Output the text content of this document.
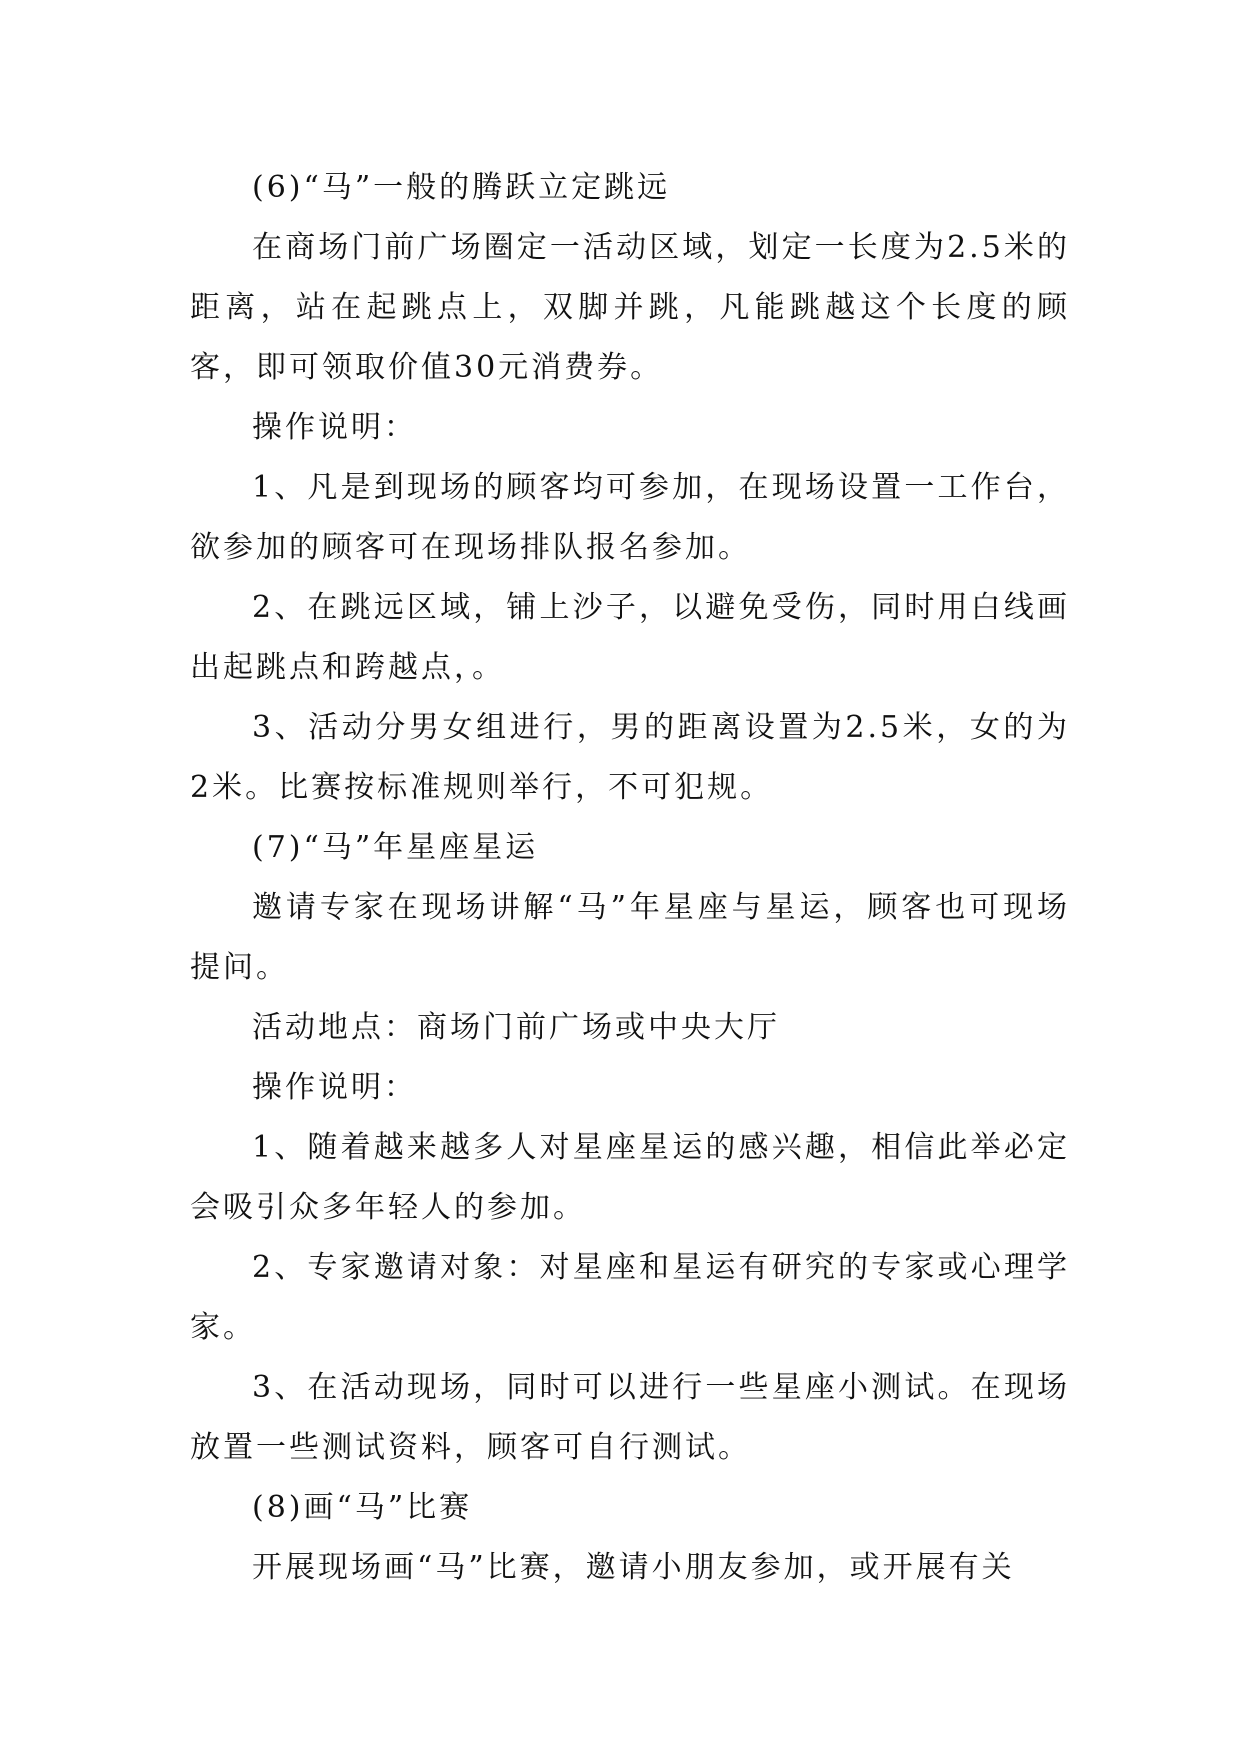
(6)“马”一般的腾跃立定跳远

在商场门前广场圈定一活动区域，划定一长度为2.5米的距离，站在起跳点上，双脚并跳，凡能跳越这个长度的顾客，即可领取价值30元消费券。

操作说明：

1、凡是到现场的顾客均可参加，在现场设置一工作台，欲参加的顾客可在现场排队报名参加。

2、在跳远区域，铺上沙子，以避免受伤，同时用白线画出起跳点和跨越点，。

3、活动分男女组进行，男的距离设置为2.5米，女的为2米。比赛按标准规则举行，不可犯规。

(7)“马”年星座星运

邀请专家在现场讲解“马”年星座与星运，顾客也可现场提问。

活动地点：商场门前广场或中央大厅

操作说明：

1、随着越来越多人对星座星运的感兴趣，相信此举必定会吸引众多年轻人的参加。

2、专家邀请对象：对星座和星运有研究的专家或心理学家。

3、在活动现场，同时可以进行一些星座小测试。在现场放置一些测试资料，顾客可自行测试。

(8)画“马”比赛

开展现场画“马”比赛，邀请小朋友参加，或开展有关
